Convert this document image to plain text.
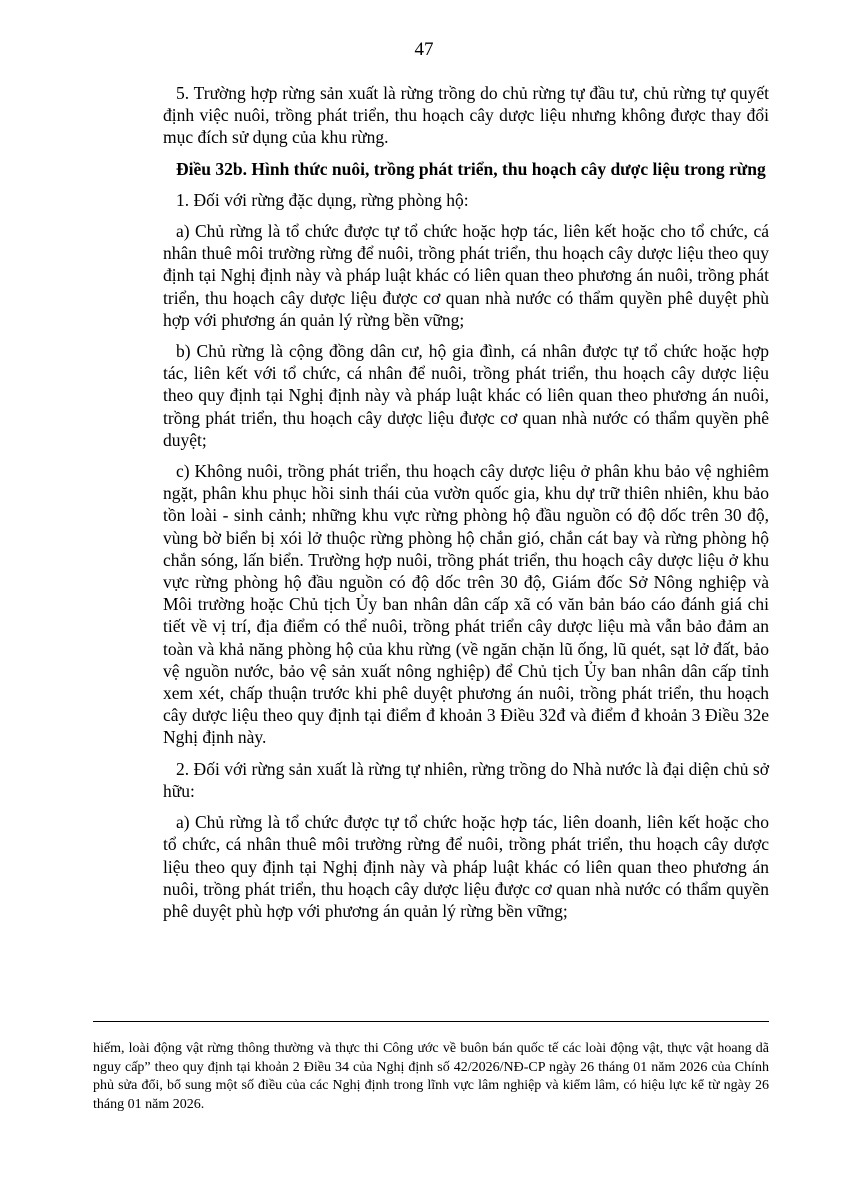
47

5. Trường hợp rừng sản xuất là rừng trồng do chủ rừng tự đầu tư, chủ rừng tự quyết định việc nuôi, trồng phát triển, thu hoạch cây dược liệu nhưng không được thay đổi mục đích sử dụng của khu rừng.

Điều 32b. Hình thức nuôi, trồng phát triển, thu hoạch cây dược liệu trong rừng

1. Đối với rừng đặc dụng, rừng phòng hộ:

a) Chủ rừng là tổ chức được tự tổ chức hoặc hợp tác, liên kết hoặc cho tổ chức, cá nhân thuê môi trường rừng để nuôi, trồng phát triển, thu hoạch cây dược liệu theo quy định tại Nghị định này và pháp luật khác có liên quan theo phương án nuôi, trồng phát triển, thu hoạch cây dược liệu được cơ quan nhà nước có thẩm quyền phê duyệt phù hợp với phương án quản lý rừng bền vững;

b) Chủ rừng là cộng đồng dân cư, hộ gia đình, cá nhân được tự tổ chức hoặc hợp tác, liên kết với tổ chức, cá nhân để nuôi, trồng phát triển, thu hoạch cây dược liệu theo quy định tại Nghị định này và pháp luật khác có liên quan theo phương án nuôi, trồng phát triển, thu hoạch cây dược liệu được cơ quan nhà nước có thẩm quyền phê duyệt;

c) Không nuôi, trồng phát triển, thu hoạch cây dược liệu ở phân khu bảo vệ nghiêm ngặt, phân khu phục hồi sinh thái của vườn quốc gia, khu dự trữ thiên nhiên, khu bảo tồn loài - sinh cảnh; những khu vực rừng phòng hộ đầu nguồn có độ dốc trên 30 độ, vùng bờ biển bị xói lở thuộc rừng phòng hộ chắn gió, chắn cát bay và rừng phòng hộ chắn sóng, lấn biển. Trường hợp nuôi, trồng phát triển, thu hoạch cây dược liệu ở khu vực rừng phòng hộ đầu nguồn có độ dốc trên 30 độ, Giám đốc Sở Nông nghiệp và Môi trường hoặc Chủ tịch Ủy ban nhân dân cấp xã có văn bản báo cáo đánh giá chi tiết về vị trí, địa điểm có thể nuôi, trồng phát triển cây dược liệu mà vẫn bảo đảm an toàn và khả năng phòng hộ của khu rừng (về ngăn chặn lũ ống, lũ quét, sạt lở đất, bảo vệ nguồn nước, bảo vệ sản xuất nông nghiệp) để Chủ tịch Ủy ban nhân dân cấp tỉnh xem xét, chấp thuận trước khi phê duyệt phương án nuôi, trồng phát triển, thu hoạch cây dược liệu theo quy định tại điểm đ khoản 3 Điều 32đ và điểm đ khoản 3 Điều 32e Nghị định này.

2. Đối với rừng sản xuất là rừng tự nhiên, rừng trồng do Nhà nước là đại diện chủ sở hữu:

a) Chủ rừng là tổ chức được tự tổ chức hoặc hợp tác, liên doanh, liên kết hoặc cho tổ chức, cá nhân thuê môi trường rừng để nuôi, trồng phát triển, thu hoạch cây dược liệu theo quy định tại Nghị định này và pháp luật khác có liên quan theo phương án nuôi, trồng phát triển, thu hoạch cây dược liệu được cơ quan nhà nước có thẩm quyền phê duyệt phù hợp với phương án quản lý rừng bền vững;

hiếm, loài động vật rừng thông thường và thực thi Công ước về buôn bán quốc tế các loài động vật, thực vật hoang dã nguy cấp” theo quy định tại khoản 2 Điều 34 của Nghị định số 42/2026/NĐ-CP ngày 26 tháng 01 năm 2026 của Chính phủ sửa đổi, bổ sung một số điều của các Nghị định trong lĩnh vực lâm nghiệp và kiểm lâm, có hiệu lực kể từ ngày 26 tháng 01 năm 2026.
